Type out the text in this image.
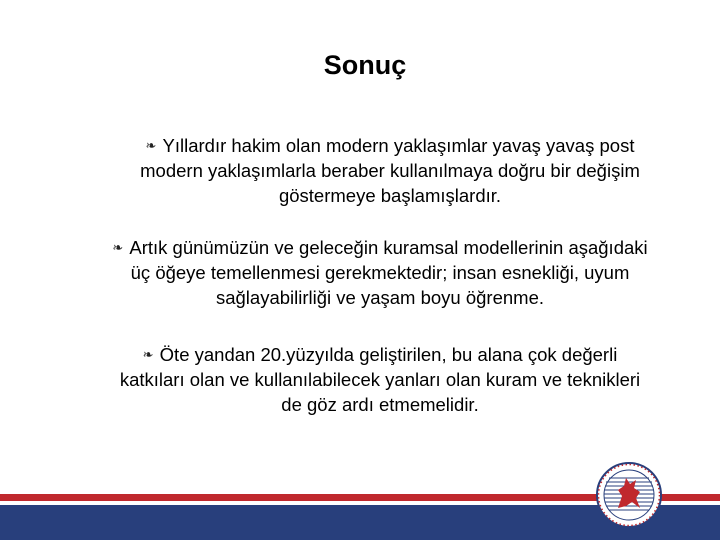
Sonuç
❧ Yıllardır hakim olan modern yaklaşımlar yavaş yavaş post
modern yaklaşımlarla beraber kullanılmaya doğru bir değişim
göstermeye başlamışlardır.
❧ Artık günümüzün ve geleceğin kuramsal modellerinin aşağıdaki
üç öğeye temellenmesi gerekmektedir; insan esnekliği, uyum
sağlayabilirliği ve yaşam boyu öğrenme.
❧ Öte yandan 20.yüzyılda geliştirilen, bu alana çok değerli
katkıları olan ve kullanılabilecek yanları olan kuram ve teknikleri
de göz ardı etmemelidir.
